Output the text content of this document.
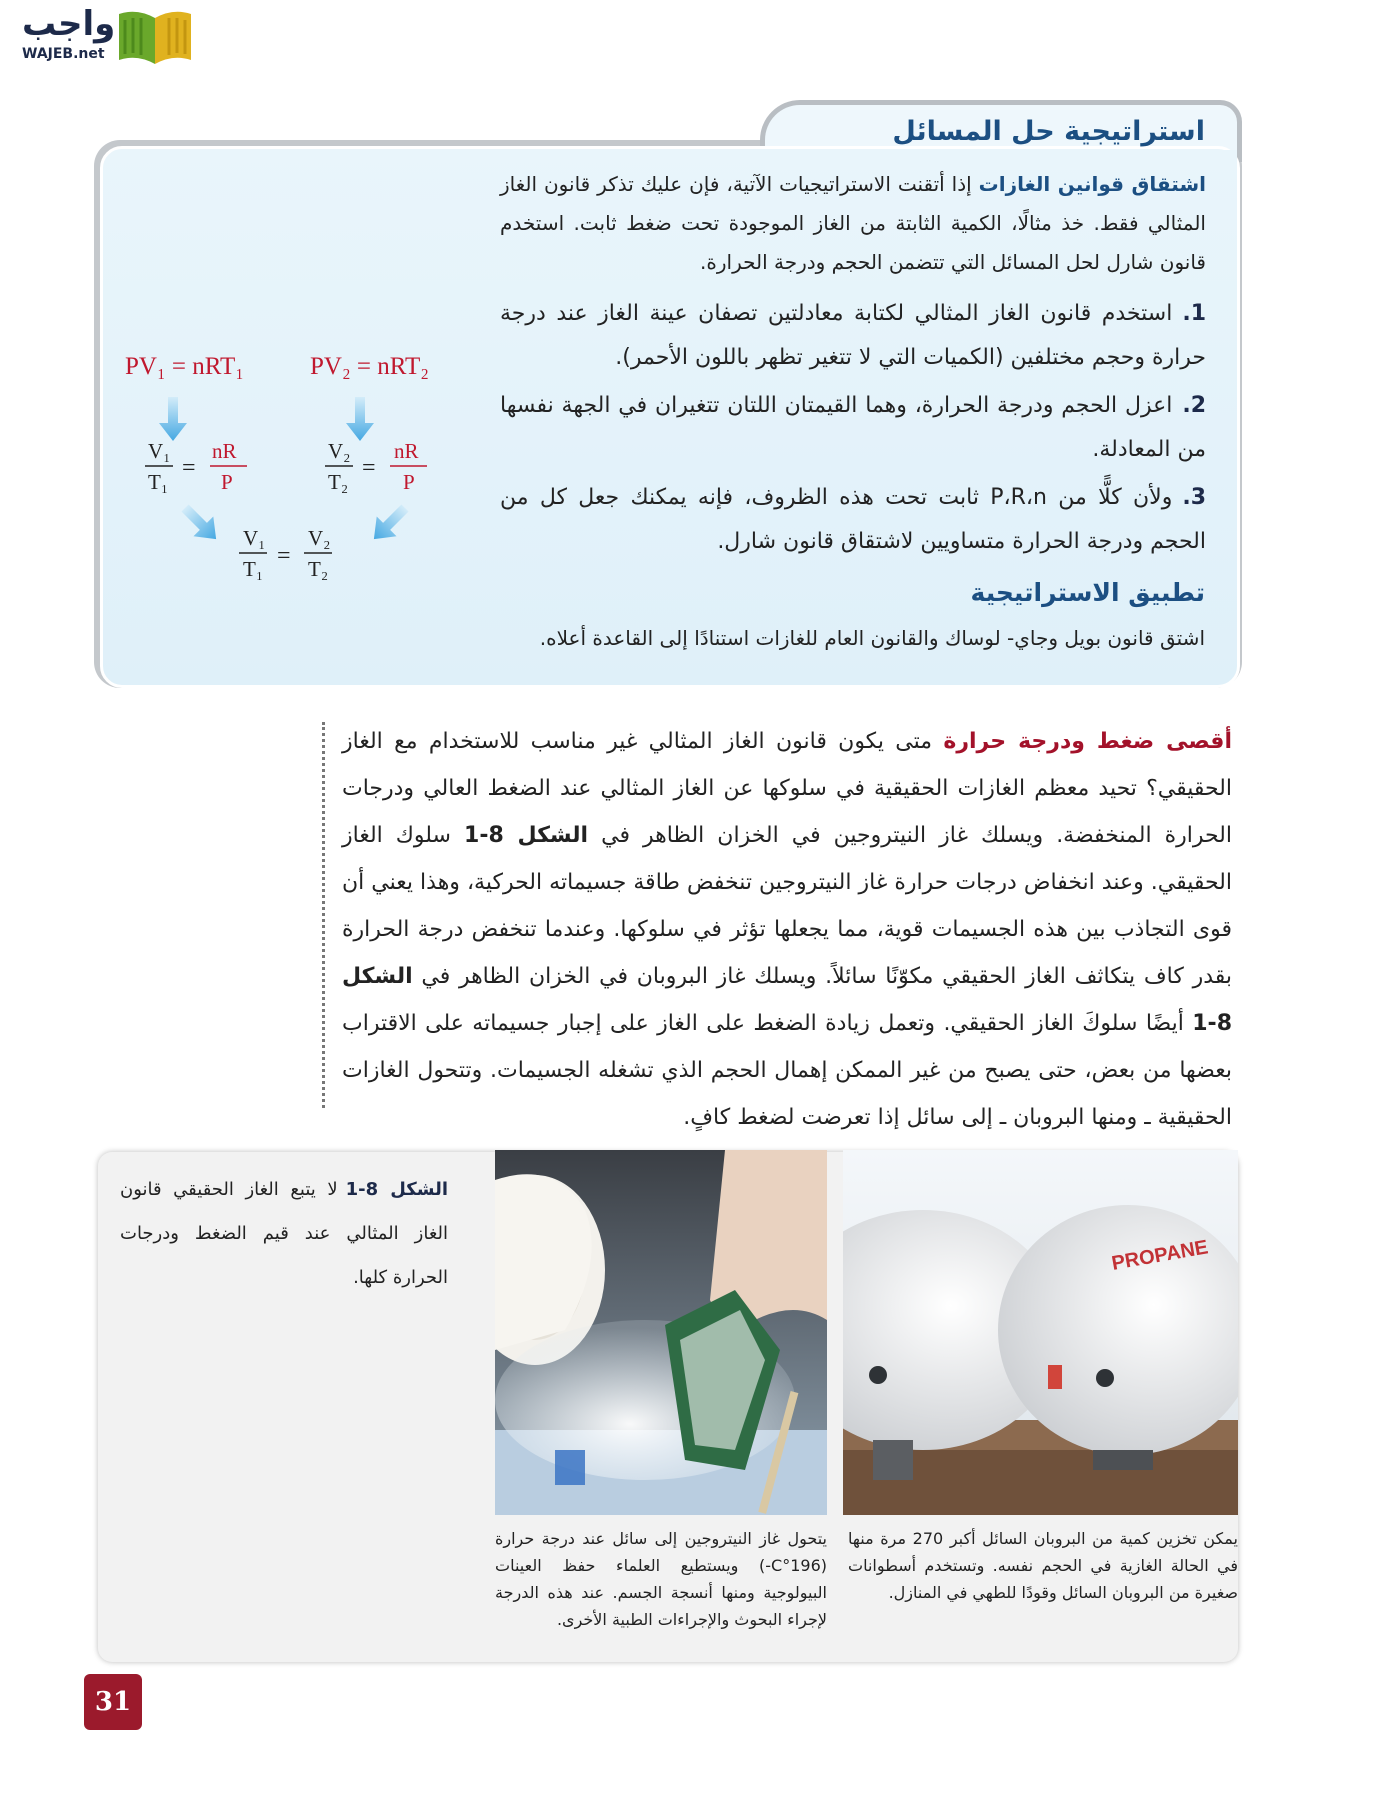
واجب
WAJEB.net
استراتيجية حل المسائل
اشتقاق قوانين الغازات إذا أتقنت الاستراتيجيات الآتية، فإن عليك تذكر قانون الغاز المثالي فقط. خذ مثالًا، الكمية الثابتة من الغاز الموجودة تحت ضغط ثابت. استخدم قانون شارل لحل المسائل التي تتضمن الحجم ودرجة الحرارة.
1.استخدم قانون الغاز المثالي لكتابة معادلتين تصفان عينة الغاز عند درجة حرارة وحجم مختلفين (الكميات التي لا تتغير تظهر باللون الأحمر).
2.اعزل الحجم ودرجة الحرارة، وهما القيمتان اللتان تتغيران في الجهة نفسها من المعادلة.
3.ولأن كلًّا من P،R،n ثابت تحت هذه الظروف، فإنه يمكنك جعل كل من الحجم ودرجة الحرارة متساويين لاشتقاق قانون شارل.
تطبيق الاستراتيجية
اشتق قانون بويل وجاي- لوساك والقانون العام للغازات استنادًا إلى القاعدة أعلاه.
PV₁ = nRT₁	PV₂ = nRT₂
V₁
T₁
=
nR
P
V₂
T₂
=
nR
P
V₁
T₁ =
V₂
T₂
أقصى ضغط ودرجة حرارة متى يكون قانون الغاز المثالي غير مناسب للاستخدام مع الغاز الحقيقي؟ تحيد معظم الغازات الحقيقية في سلوكها عن الغاز المثالي عند الضغط العالي ودرجات الحرارة المنخفضة. ويسلك غاز النيتروجين في الخزان الظاهر في الشكل 8-1 سلوك الغاز الحقيقي. وعند انخفاض درجات حرارة غاز النيتروجين تنخفض طاقة جسيماته الحركية، وهذا يعني أن قوى التجاذب بين هذه الجسيمات قوية، مما يجعلها تؤثر في سلوكها. وعندما تنخفض درجة الحرارة بقدر كاف يتكاثف الغاز الحقيقي مكوّنًا سائلاً. ويسلك غاز البروبان في الخزان الظاهر في الشكل 8-1 أيضًا سلوكَ الغاز الحقيقي. وتعمل زيادة الضغط على الغاز على إجبار جسيماته على الاقتراب بعضها من بعض، حتى يصبح من غير الممكن إهمال الحجم الذي تشغله الجسيمات. وتتحول الغازات الحقيقية ـ ومنها البروبان ـ إلى سائل إذا تعرضت لضغط كافٍ.
الشكل 8-1لا يتبع الغاز الحقيقي قانون الغاز المثالي عند قيم الضغط ودرجات الحرارة كلها.
PROPANE
يتحول غاز النيتروجين إلى سائل عند درجة حرارة (196°C-) ويستطيع العلماء حفظ العينات البيولوجية ومنها أنسجة الجسم. عند هذه الدرجة لإجراء البحوث والإجراءات الطبية الأخرى.
يمكن تخزين كمية من البروبان السائل أكبر 270 مرة منها في الحالة الغازية في الحجم نفسه. وتستخدم أسطوانات صغيرة من البروبان السائل وقودًا للطهي في المنازل.
31
